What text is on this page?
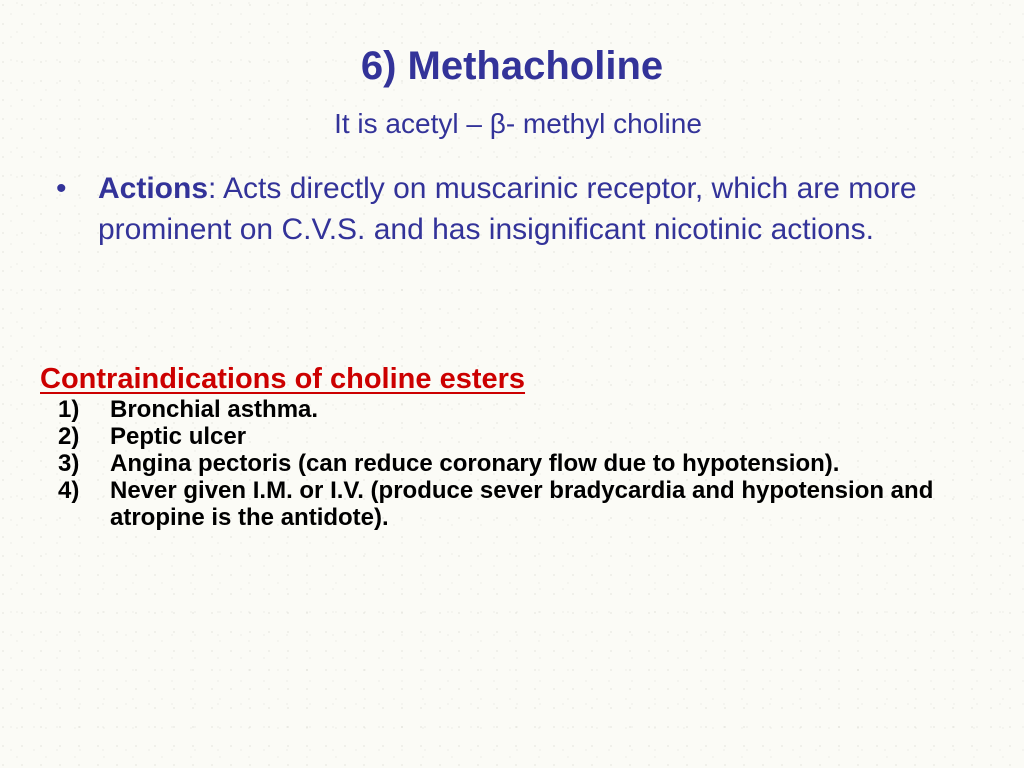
6) Methacholine

It is acetyl – β- methyl choline

•	Actions: Acts directly on muscarinic receptor, which are more prominent on C.V.S. and has insignificant nicotinic actions.
Contraindications of choline esters
1)	Bronchial asthma.
2)	Peptic ulcer
3)	Angina pectoris (can reduce coronary flow due to hypotension).
4)	Never given I.M. or I.V. (produce sever bradycardia and hypotension and atropine is the antidote).
